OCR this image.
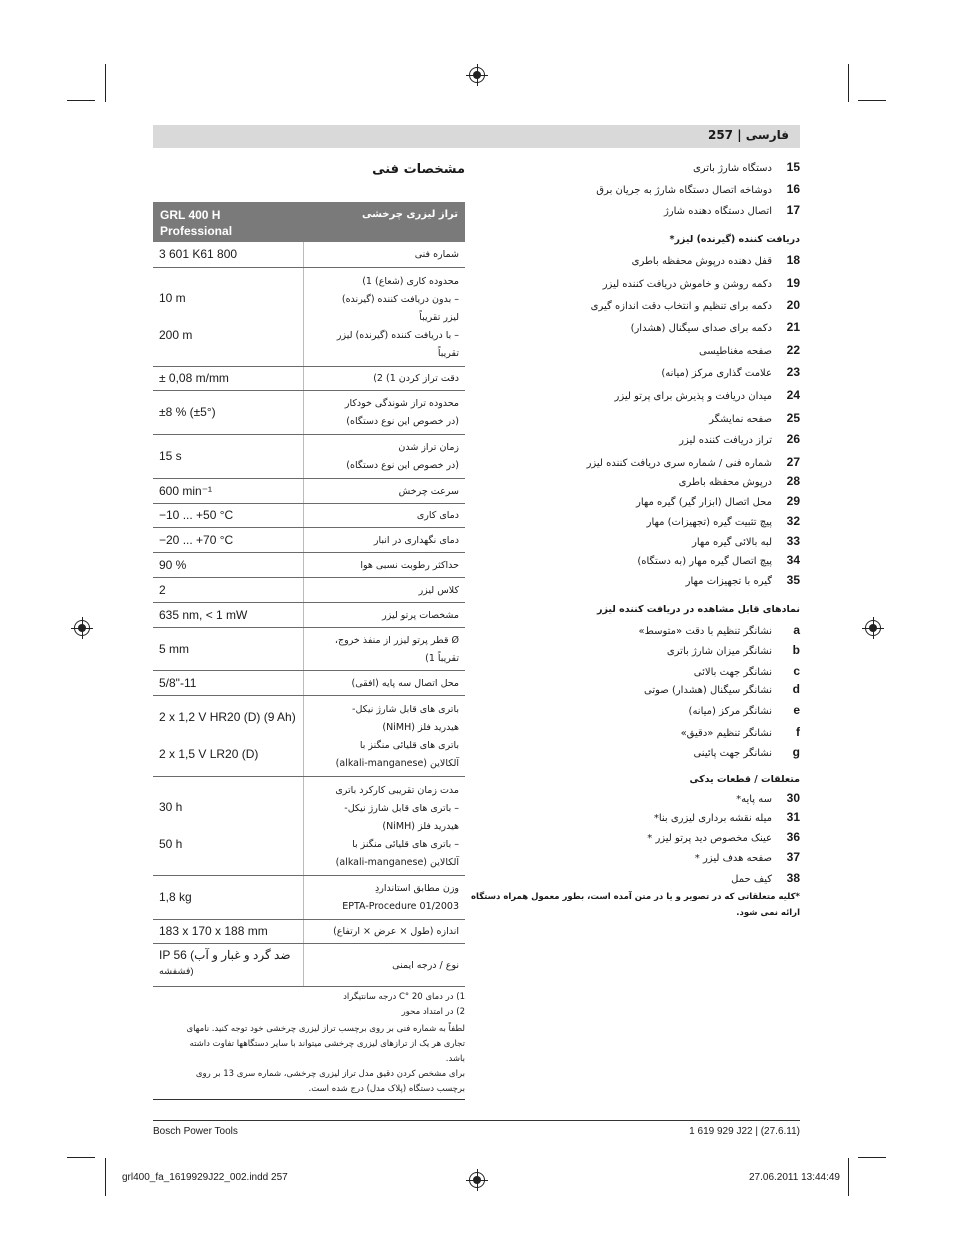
فارسی | 257
15دستگاه شارژ باتری
16دوشاخه اتصال دستگاه شارژ به جریان برق
17اتصال دستگاه دهنده شارژ
دریافت کننده (گیرنده) لیزر*
18قفل دهنده درپوش محفظه باطری
19دکمه روشن و خاموش دریافت کننده لیزر
20دکمه برای تنظیم و انتخاب دقت اندازه گیری
21دکمه برای صدای سیگنال (هشدار)
22صفحه مغناطیسی
23علامت گذاری مرکز (میانه)
24میدان دریافت و پذیرش برای پرتو لیزر
25صفحه نمایشگر
26تراز دریافت کننده لیزر
27شماره فنی / شماره سری دریافت کننده لیزر
28درپوش محفظه باطری
29محل اتصال (ابزار گیر) گیره مهار
32پیچ تثبیت گیره (تجهیزات) مهار
33لبه بالائی گیره مهار
34پیچ اتصال گیره مهار (به دستگاه)
35گیره با تجهیزات مهار
نمادهای قابل مشاهده در دریافت کننده لیزر
aنشانگر تنظیم با دقت «متوسط»
bنشانگر میزان شارژ باتری
cنشانگر جهت بالائی
dنشانگر سیگنال (هشدار) صوتی
eنشانگر مرکز (میانه)
fنشانگر تنظیم «دقیق»
gنشانگر جهت پائینی
متعلقات / قطعات یدکی
30سه پایه*
31میله نقشه برداری لیزری بنا*
36عینک مخصوص دید پرتو لیزر *
37صفحه هدف لیزر *
38کیف حمل
*کلیه متعلقاتی که در تصویر و یا در متن آمده است، بطور معمول همراه دستگاه
ارائه نمی شود.
مشخصات فنی
GRL 400 H
Professional
تراز لیزری چرخشی
شماره فنی
3 601 K61 800
محدوده کاری (شعاع) 1)
– بدون دریافت کننده (گیرنده)
لیزر تقریباً
– با دریافت کننده (گیرنده) لیزر
تقریباً
10 m
200 m
دقت تراز کردن 1) 2)
± 0,08 m/mm
محدوده تراز شوندگی خودکار
(در خصوص این نوع دستگاه)
±8 % (±5°)
زمان تراز شدن
(در خصوص این نوع دستگاه)
15 s
سرعت چرخش
600 min⁻¹
دمای کاری
−10 ... +50 °C
دمای نگهداری در انبار
−20 ... +70 °C
حداکثر رطوبت نسبی هوا
90 %
کلاس لیزر
2
مشخصات پرتو لیزر
635 nm, < 1 mW
Ø قطر پرتو لیزر از منفذ خروج،
تقریباً 1)
5 mm
محل اتصال سه پایه (افقی)
5/8"-11
باتری های قابل شارژ نیکل-
هیدرید فلز (NiMH)
باتری های قلیائی منگنز با
آلکالاین (alkali-manganese)
2 x 1,2 V HR20 (D) (9 Ah)
2 x 1,5 V LR20 (D)
مدت زمان تقریبی کارکرد باتری
– باتری های قابل شارژ نیکل-
هیدرید فلز (NiMH)
– باتری های قلیائی منگنز با
آلکالاین (alkali-manganese)
30 h
50 h
وزن مطابق استانداردِ
EPTA-Procedure 01/2003
1,8 kg
اندازه (طول × عرض × ارتفاع)
183 x 170 x 188 mm
نوع / درجه ایمنی
IP 56 (ضد گرد و غبار و آب
فشفشه)
1) در دمای 20 °C درجه سانتیگراد
2) در امتداد محور
لطفاً به شماره فنی بر روی برچسب تراز لیزری چرخشی خود توجه کنید. نامهای
تجاری هر یک از ترازهای لیزری چرخشی میتواند با سایر دستگاهها تفاوت داشته
باشد.
برای مشخص کردن دقیق مدل تراز لیزری چرخشی، شماره سری 13 بر روی
برچسب دستگاه (پلاک مدل) درج شده است.
Bosch Power Tools	1 619 929 J22 | (27.6.11)
grl400_fa_1619929J22_002.indd 257	27.06.2011 13:44:49
